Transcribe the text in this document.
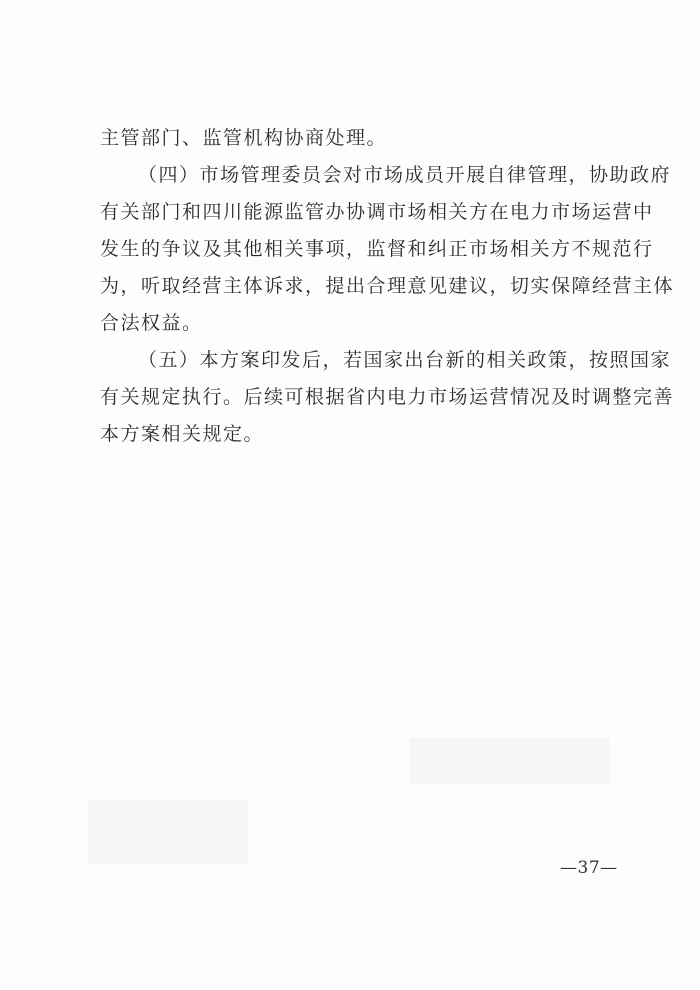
主管部门、监管机构协商处理。

（四）市场管理委员会对市场成员开展自律管理，协助政府

有关部门和四川能源监管办协调市场相关方在电力市场运营中

发生的争议及其他相关事项，监督和纠正市场相关方不规范行

为，听取经营主体诉求，提出合理意见建议，切实保障经营主体

合法权益。

（五）本方案印发后，若国家出台新的相关政策，按照国家

有关规定执行。后续可根据省内电力市场运营情况及时调整完善

本方案相关规定。

—37—
